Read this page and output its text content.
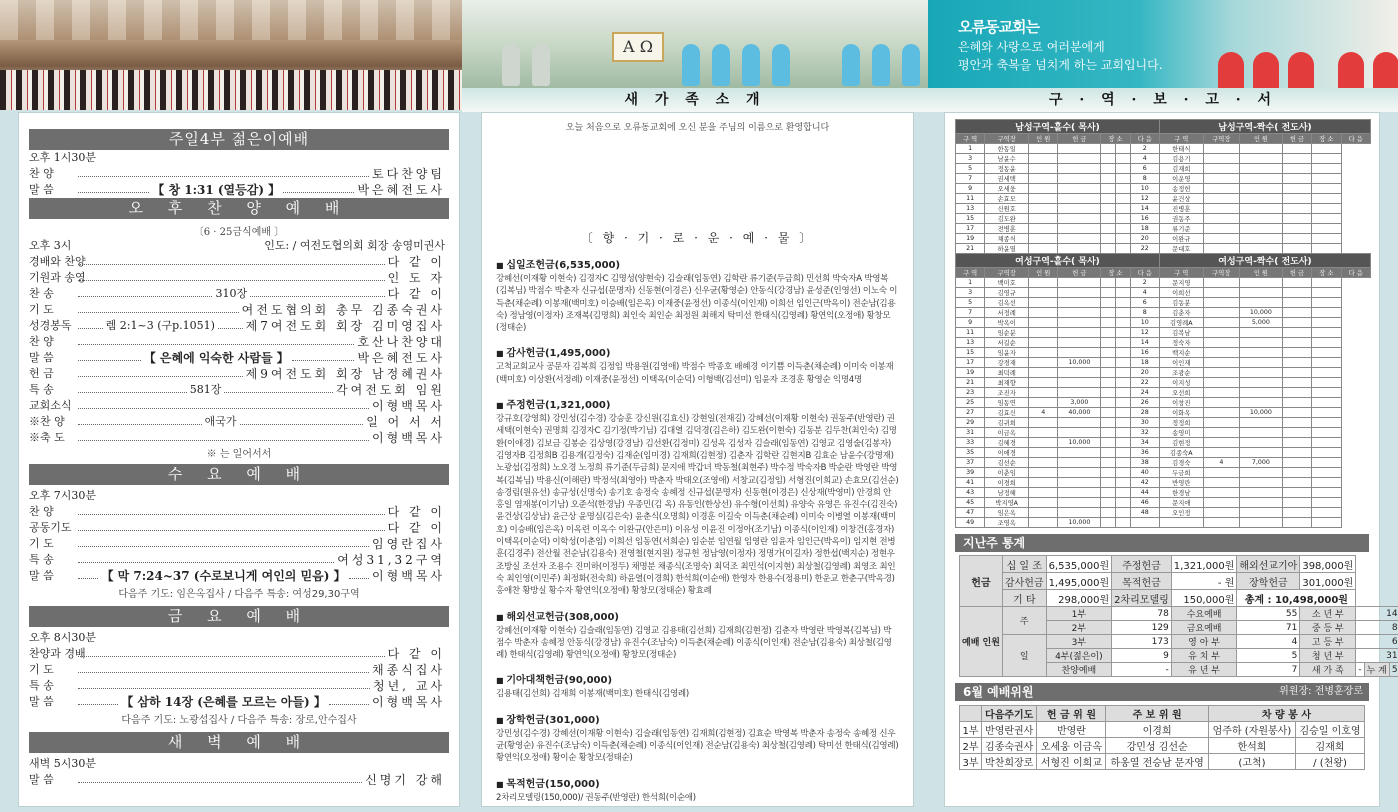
A Ω
오류동교회는
은혜와 사랑으로 여러분에게
평안과 축복을 넘치게 하는 교회입니다.
새 가 족 소 개	구 · 역 · 보 · 고 · 서
주일4부 젊은이예배
오후 1시30분
찬 양	토다찬양팀
말 씀	【 창 1:31 (열등감) 】	박은혜전도사
오 후 찬 양 예 배
〔6 · 25금식예배 〕
오후 3시	인도: / 여전도협의회 회장 송영미권사
경배와 찬양	다 같 이
기원과 송영	인 도 자
찬 송	310장	다 같 이
기 도	여전도협의회 총무 김종숙권사
성경봉독	렘 2:1~3 (구p.1051)	제7여전도회 회장 김미영집사
찬 양	호산나찬양대
말 씀	【 은혜에 익숙한 사람들 】	박은혜전도사
헌 금	제9여전도회 회장 남정혜권사
특 송	581장	각여전도회 임원
교회소식	이형백목사
※찬 양	애국가	일 어 서 서
※축 도	이형백목사
※ 는 일어서서
수 요 예 배
오후 7시30분
찬 양	다 같 이
공동기도	다 같 이
기 도	임영란집사
특 송	여성31,32구역
말 씀	【 막 7:24~37 (수로보니게 여인의 믿음) 】 이형백목사
다음주 기도: 임은옥집사 / 다음주 특송: 여성29,30구역
금 요 예 배
오후 8시30분
찬양과 경배	다 같 이
기 도	채종식집사
특 송	청년, 교사
말 씀	【 삼하 14장 (은혜를 모르는 아들) 】	이형백목사
다음주 기도: 노광섭집사 / 다음주 특송: 장로,안수집사
새 벽 예 배
새벽 5시30분
말 씀	신명기 강해
오늘 처음으로 오류동교회에 오신 분을 주님의 이름으로 환영합니다
〔 향 · 기 · 로 · 운 · 예 · 물 〕
■ 십일조헌금(6,535,000)
강혜선(이재황 이현숙) 김경자C 김명성(양현숙) 김슬래(임동연) 김학란 류기준(두금희) 민선희 박숙자A 박영복(김복님) 박점수 박춘자 신규섭(문명자) 신동현(이경은) 신우균(황영순) 안동식(강경남) 윤성준(인영선) 이노숙 이득춘(채순례) 이봉재(백미호) 이승배(임은옥) 이재중(윤정선) 이종식(이인재) 이희선 임인근(박옥이) 전순남(김용숙) 정남영(이정자) 조재복(김명희) 최인숙 최인순 최정원 최해지 탁미선 한태식(김영례) 황연익(오정애) 황창모(정태순)
■ 감사헌금(1,495,000)
고척교회교사 공문자 김복희 김정임 박용원(김영애) 박점수 박종호 배혜경 이기쁨 이득춘(채순례) 이미숙 이봉재(백미호) 이상환(서정례) 이재중(윤정선) 이택옥(이순덕) 이형백(김선미) 임윤자 조경훈 황영순 익명4명
■ 주정헌금(1,321,000)
강규호(강영희) 강민성(김수경) 강승훈 강신원(김효신) 강현일(전재길) 강혜선(이재황 이현숙) 권동주(반영란) 권세택(이현숙) 권명희 김경자C 김기정(박기님) 김대열 김덕경(김은하) 김도완(이현숙) 김동분 김두찬(최인숙) 김명환(이애경) 김보금 김봉순 김상영(강경남) 김선환(김정미) 김성옥 김성자 김슬래(임동연) 김영교 김영술(김봉자) 김영자B 김정희B 김용개(김정숙) 김재순(임미경) 김재희(김현정) 김춘자 김학란 김현지B 김효순 남윤수(강명재) 노광섭(김정희) 노오경 노정희 류기준(두금희) 문지애 박갑녀 박동철(최현주) 박수정 박숙자B 박순란 박영란 박영복(김복님) 박용신(이해란) 박정석(최영아) 박춘자 박태오(조영애) 서창교(김정임) 서형진(이희교) 손효모(김선순) 송경림(원유선) 송규성(신명숙) 송기호 송정숙 송혜정 신규섭(문명자) 신동현(이경은) 신상재(박영미) 안경희 안홍일 염재봉(이기남) 오준석(한경남) 우종민(김 옥) 유동인(한상선) 유수형(이선희) 유양숙 유영은 유진수(김진숙) 윤건상(김상남) 윤근상 윤명심(김은숙) 윤춘식(오명희) 이경훈 이길숙 이득춘(채순례) 이미숙 이병열 이봉재(백미호) 이승배(임은옥) 이옥련 이옥수 이완규(안은미) 이유성 이윤진 이정아(조기남) 이종식(이인재) 이창건(홍경자) 이택옥(이순덕) 이학성(이춘임) 이희선 임동연(서희순) 임순분 임연월 임영란 임윤자 임인근(박옥이) 임지현 전병훈(김경주) 전산월 전순남(김용숙) 전영철(현지원) 정규헌 정남영(이정자) 정명가(이길자) 정한섭(백지순) 정현우 조방실 조선자 조용수 진미하(이정두) 채명분 채종식(조명숙) 최덕조 최민석(이지현) 최상철(김영례) 최영조 최인숙 최인영(이민주) 최정화(전숙희) 하윤열(이경희) 한석희(이순애) 한영자 한용수(정용미) 한운교 한춘구(박옥경) 홍애찬 황방실 황수자 황연익(오정애) 황창모(정태순) 황효례
■ 해외선교헌금(308,000)
강혜선(이재황 이현숙) 김슬래(임동연) 김영교 김용태(김선희) 김재희(김현정) 김춘자 박영란 박영복(김복님) 박점수 박춘자 송혜정 안동식(강경남) 유진수(조남숙) 이득춘(채순례) 이종식(이인재) 전순남(김용숙) 최상철(김영례) 한태식(김영례) 황연익(오정애) 황창모(정태순)
■ 기아대책헌금(90,000)
김용태(김선희) 김재희 이봉재(백미호) 한태식(김영례)
■ 장학헌금(301,000)
강민성(김수경) 강혜선(이재황 이현숙) 김슬래(임동연) 김재희(김현정) 김효순 박영복 박춘자 송정숙 송혜정 신우균(황영순) 유진수(조남숙) 이득춘(채순례) 이종식(이인재) 전순남(김용숙) 최상철(김영례) 탁미선 한태식(김영례) 황연익(오정애) 황이순 황창모(정태순)
■ 목적헌금(150,000)
2차리모델링(150,000)/ 권동주(반영란) 한석희(이순애)
남성구역-홀수( 목사)							남성구역-짝수( 전도사)					
구 역	구역장	인 원	헌 금	장 소		다 음	구 역	구역장	인 원	헌 금	장 소	다 음
1	한동일					2	한태식					
3	남윤수					4	김용기					
5	정동윤					6	김재희					
7	권세택					8	이운영					
9	오세웅					10	송정헌					
11	손효모					12	윤건상					
13	신원호					14	진병훈					
15	김도완					16	권동주					
17	전병훈					18	류기준					
19	채종식					20	이완규					
21	하윤열					22	문대호					
여성구역-홀수( 목사)							여성구역-짝수( 전도사)					
구 역	구역장	인 원	헌 금	장 소		다 음	구 역	구역장	인 원	헌 금	장 소	다 음
1	백미호					2	문지영					
3	김영규					4	이희선					
5	김옥선					6	김동분					
7	서정례					8	김춘자		10,000			
9	박옥이					10	김영례A		5,000			
11	임순분					12	김복남					
13	서길순					14	정숙자					
15	임윤자					16	백지순					
17	강경재		10,000			18	이인재					
19	최덕례					20	조광순					
21	최재향					22	이지성					
23	조진자					24	오선희					
25	임동연		3,000			26	이창진					
27	김효신	4	40,000			28	이화옥		10,000			
29	김귀희					30	정정희					
31	이금옥					32	송영미					
33	김혜경		10,000			34	김현정					
35	이애경					36	김종숙A					
37	김선순					38	김경숙	4	7,000			
39	이춘임					40	두금희					
41	이경희					42	반영란					
43	남정혜					44	한경남					
45	박지영A					46	문지애					
47	임은옥					48	오인정					
49	조영옥		10,000									
지난주 통계
헌금	십 일 조	6,535,000원	주정헌금	1,321,000원	해외선교기아	398,000원			
	감사헌금	1,495,000원	목적헌금	- 원	장학헌금	301,000원			
	기 타	298,000원	2차리모델링	150,000원	총계 : 10,498,000원				
예배 인원	주	1부	78	수요예배	55	소 년 부	14		
		2부	129	금요예배	71	중 등 부	8		
	일	3부	173	영 아 부	4	고 등 부	6		
		4부(젊은이)	9	유 치 부	5	청 년 부	31		
		찬양예배	-	유 년 부	7	새 가 족	-	누 계	5
6월 예배위원	위원장: 전병훈장로
	다음주기도	헌 금 위 원	주 보 위 원	차 량 봉 사	
1부	반영란권사	반영란	이경희	엄주하 (자원봉사)	김승일 이호영
2부	김종숙권사	오세웅 이금옥	강민성 김선순	한석희	김재희
3부	박찬희장로	서형진 이희교	하옹열 전승남 문자영	(고척)	/ (천왕)
